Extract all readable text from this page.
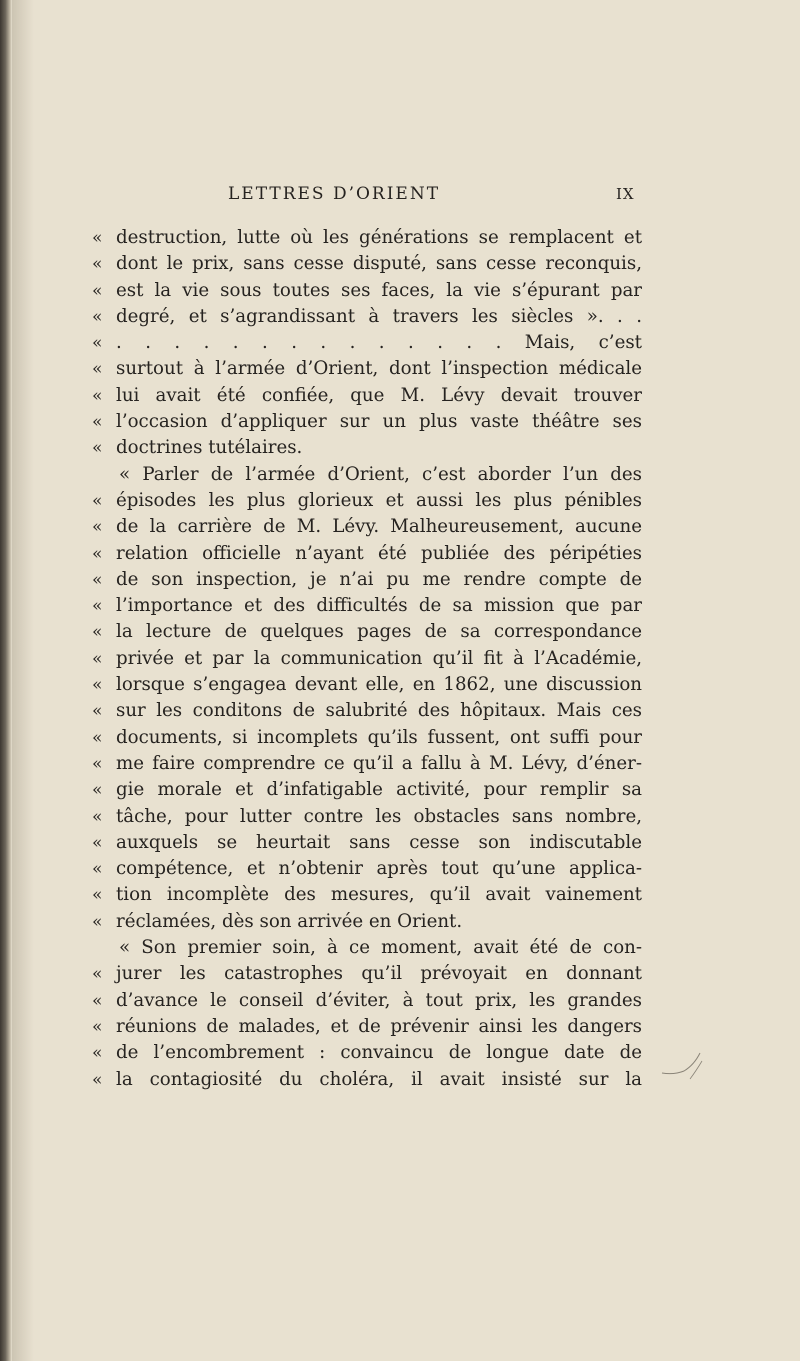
LETTRES D’ORIENT	IX
« destruction, lutte où les générations se remplacent et
« dont le prix, sans cesse disputé, sans cesse reconquis,
« est la vie sous toutes ses faces, la vie s’épurant par
« degré, et s’agrandissant à travers les siècles ». . .
« . . . . . . . . . . . . . . Mais, c’est
« surtout à l’armée d’Orient, dont l’inspection médicale
« lui avait été confiée, que M. Lévy devait trouver
« l’occasion d’appliquer sur un plus vaste théâtre ses
« doctrines tutélaires.
« Parler de l’armée d’Orient, c’est aborder l’un des
« épisodes les plus glorieux et aussi les plus pénibles
« de la carrière de M. Lévy. Malheureusement, aucune
« relation officielle n’ayant été publiée des péripéties
« de son inspection, je n’ai pu me rendre compte de
« l’importance et des difficultés de sa mission que par
« la lecture de quelques pages de sa correspondance
« privée et par la communication qu’il fit à l’Académie,
« lorsque s’engagea devant elle, en 1862, une discussion
« sur les conditons de salubrité des hôpitaux. Mais ces
« documents, si incomplets qu’ils fussent, ont suffi pour
« me faire comprendre ce qu’il a fallu à M. Lévy, d’éner-
« gie morale et d’infatigable activité, pour remplir sa
« tâche, pour lutter contre les obstacles sans nombre,
« auxquels se heurtait sans cesse son indiscutable
« compétence, et n’obtenir après tout qu’une applica-
« tion incomplète des mesures, qu’il avait vainement
« réclamées, dès son arrivée en Orient.
« Son premier soin, à ce moment, avait été de con-
« jurer les catastrophes qu’il prévoyait en donnant
« d’avance le conseil d’éviter, à tout prix, les grandes
« réunions de malades, et de prévenir ainsi les dangers
« de l’encombrement : convaincu de longue date de
« la contagiosité du choléra, il avait insisté sur la
